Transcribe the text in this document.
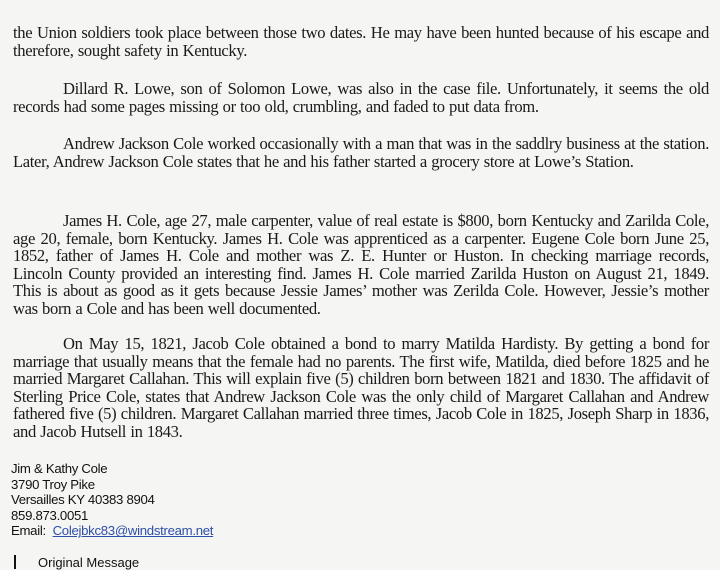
the Union soldiers took place between those two dates. He may have been hunted because of his escape and therefore, sought safety in Kentucky.

Dillard R. Lowe, son of Solomon Lowe, was also in the case file. Unfortunately, it seems the old records had some pages missing or too old, crumbling, and faded to put data from.

Andrew Jackson Cole worked occasionally with a man that was in the saddlry business at the station. Later, Andrew Jackson Cole states that he and his father started a grocery store at Lowe’s Station.

James H. Cole, age 27, male carpenter, value of real estate is $800, born Kentucky and Zarilda Cole, age 20, female, born Kentucky. James H. Cole was apprenticed as a carpenter. Eugene Cole born June 25, 1852, father of James H. Cole and mother was Z. E. Hunter or Huston. In checking marriage records, Lincoln County provided an interesting find. James H. Cole married Zarilda Huston on August 21, 1849. This is about as good as it gets because Jessie James’ mother was Zerilda Cole. However, Jessie’s mother was born a Cole and has been well documented.

On May 15, 1821, Jacob Cole obtained a bond to marry Matilda Hardisty. By getting a bond for marriage that usually means that the female had no parents. The first wife, Matilda, died before 1825 and he married Margaret Callahan. This will explain five (5) children born between 1821 and 1830. The affidavit of Sterling Price Cole, states that Andrew Jackson Cole was the only child of Margaret Callahan and Andrew fathered five (5) children. Margaret Callahan married three times, Jacob Cole in 1825, Joseph Sharp in 1836, and Jacob Hutsell in 1843.

Jim & Kathy Cole
3790 Troy Pike
Versailles KY 40383 8904
859.873.0051
Email: Colejbkc83@windstream.net
Original Message
